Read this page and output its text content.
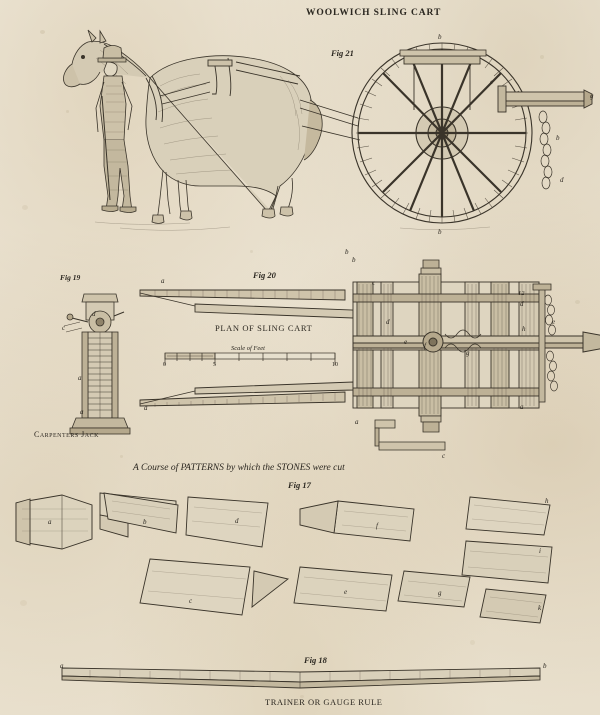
WOOLWICH SLING CART
Fig 21
b
e
g
b
d
b
Fig 19
c
d
a
a
Carpenters Jack
Fig 20
PLAN OF SLING CART
Scale of Feet
a
b
c
d
e f
g
h
a	a
a
b
c
d
12
e
0	5	10
A Course of PATTERNS by which the STONES were cut
Fig 17
a	b	d
f
h
c
e	g
k
i
Fig 18
a	b
TRAINER OR GAUGE RULE
